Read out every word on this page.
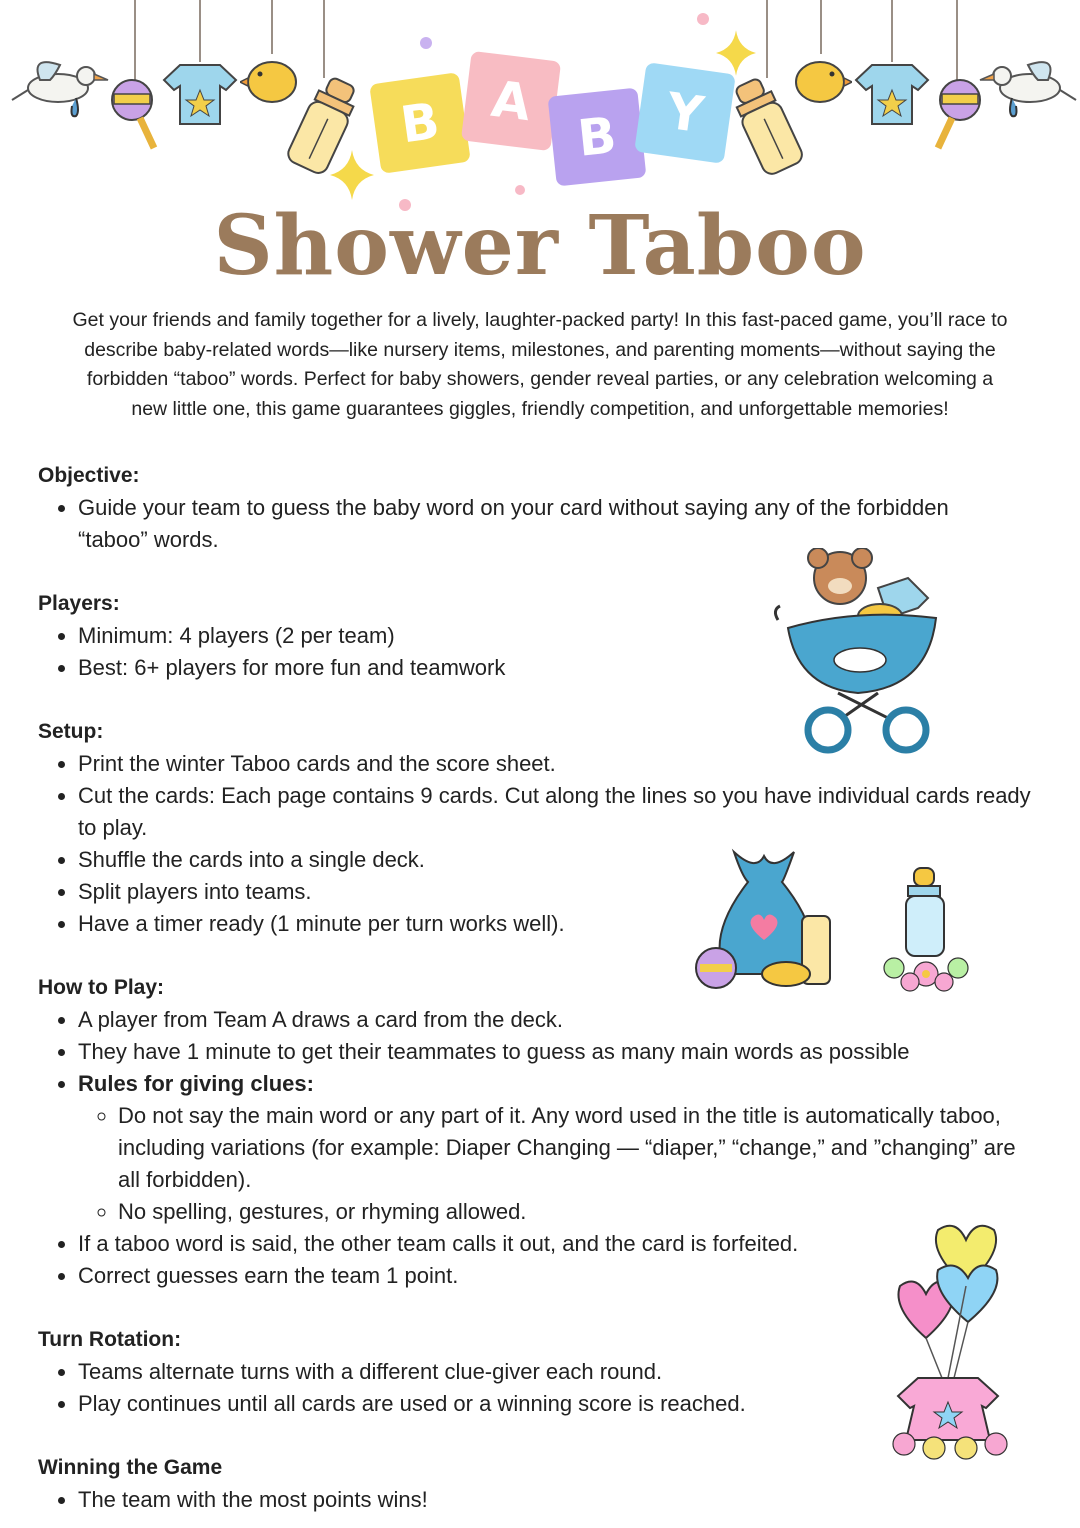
B A
B Y
Shower Taboo

Get your friends and family together for a lively, laughter-packed party! In this fast-paced game, you’ll race to describe baby-related words—like nursery items, milestones, and parenting moments—without saying the forbidden “taboo” words. Perfect for baby showers, gender reveal parties, or any celebration welcoming a new little one, this game guarantees giggles, friendly competition, and unforgettable memories!

Objective:

• Guide your team to guess the baby word on your card without saying any of the forbidden “taboo” words.

Players:

• Minimum: 4 players (2 per team)
• Best: 6+ players for more fun and teamwork

Setup:

• Print the winter Taboo cards and the score sheet.
• Cut the cards: Each page contains 9 cards. Cut along the lines so you have individual cards ready to play.
• Shuffle the cards into a single deck.
• Split players into teams.
• Have a timer ready (1 minute per turn works well).

How to Play:

• A player from Team A draws a card from the deck.
• They have 1 minute to get their teammates to guess as many main words as possible
• Rules for giving clues:
◦ Do not say the main word or any part of it. Any word used in the title is automatically taboo, including variations (for example: Diaper Changing — “diaper,” “change,” and ”changing” are all forbidden).
◦ No spelling, gestures, or rhyming allowed.
• If a taboo word is said, the other team calls it out, and the card is forfeited.
• Correct guesses earn the team 1 point.

Turn Rotation:

• Teams alternate turns with a different clue-giver each round.
• Play continues until all cards are used or a winning score is reached.

Winning the Game

• The team with the most points wins!
